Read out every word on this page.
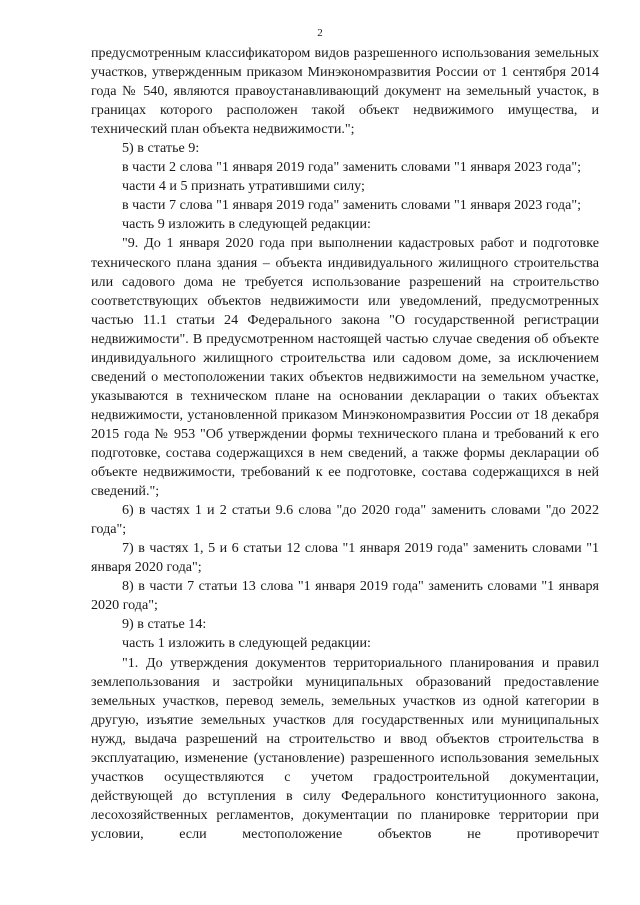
2

предусмотренным классификатором видов разрешенного использования земельных участков, утвержденным приказом Минэкономразвития России от 1 сентября 2014 года № 540, являются правоустанавливающий документ на земельный участок, в границах которого расположен такой объект недвижимого имущества, и технический план объекта недвижимости.";

5) в статье 9:

в части 2 слова "1 января 2019 года" заменить словами "1 января 2023 года";

части 4 и 5 признать утратившими силу;

в части 7 слова "1 января 2019 года" заменить словами "1 января 2023 года";

часть 9 изложить в следующей редакции:

"9. До 1 января 2020 года при выполнении кадастровых работ и подготовке технического плана здания – объекта индивидуального жилищного строительства или садового дома не требуется использование разрешений на строительство соответствующих объектов недвижимости или уведомлений, предусмотренных частью 11.1 статьи 24 Федерального закона "О государственной регистрации недвижимости". В предусмотренном настоящей частью случае сведения об объекте индивидуального жилищного строительства или садовом доме, за исключением сведений о местоположении таких объектов недвижимости на земельном участке, указываются в техническом плане на основании декларации о таких объектах недвижимости, установленной приказом Минэкономразвития России от 18 декабря 2015 года № 953 "Об утверждении формы технического плана и требований к его подготовке, состава содержащихся в нем сведений, а также формы декларации об объекте недвижимости, требований к ее подготовке, состава содержащихся в ней сведений.";

6) в частях 1 и 2 статьи 9.6 слова "до 2020 года" заменить словами "до 2022 года";

7) в частях 1, 5 и 6 статьи 12 слова "1 января 2019 года" заменить словами "1 января 2020 года";

8) в части 7 статьи 13 слова "1 января 2019 года" заменить словами "1 января 2020 года";

9) в статье 14:

часть 1 изложить в следующей редакции:

"1. До утверждения документов территориального планирования и правил землепользования и застройки муниципальных образований предоставление земельных участков, перевод земель, земельных участков из одной категории в другую, изъятие земельных участков для государственных или муниципальных нужд, выдача разрешений на строительство и ввод объектов строительства в эксплуатацию, изменение (установление) разрешенного использования земельных участков осуществляются с учетом градостроительной документации, действующей до вступления в силу Федерального конституционного закона, лесохозяйственных регламентов, документации по планировке территории при условии, если местоположение объектов не противоречит
